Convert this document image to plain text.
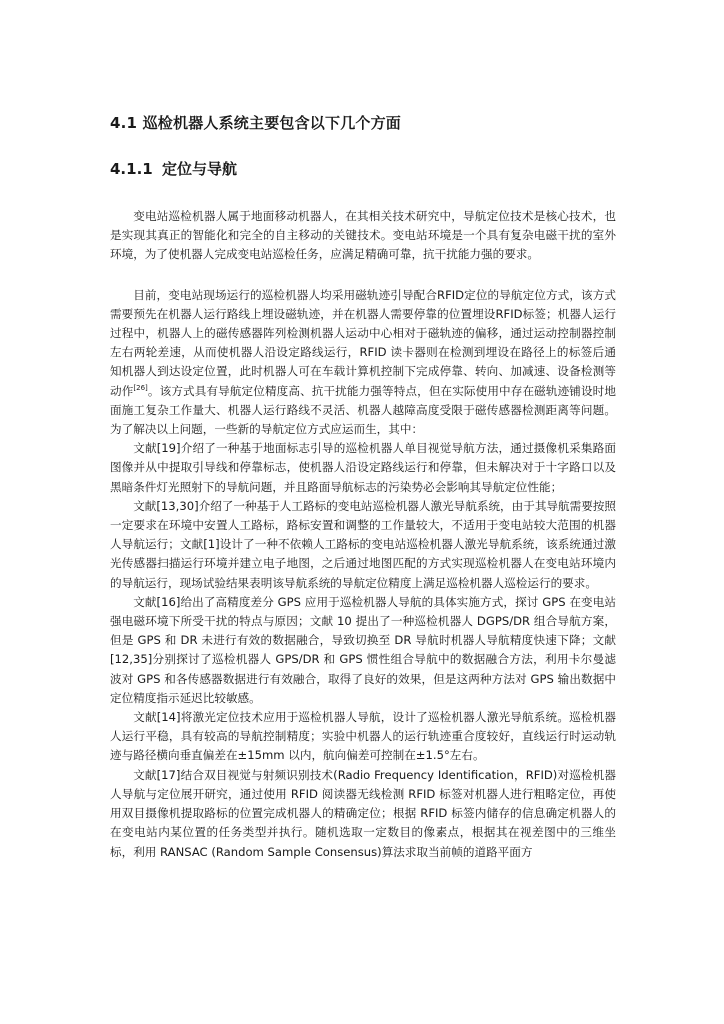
4.1 巡检机器人系统主要包含以下几个方面
4.1.1 定位与导航

变电站巡检机器人属于地面移动机器人，在其相关技术研究中，导航定位技术是核心技术，也是实现其真正的智能化和完全的自主移动的关键技术。变电站环境是一个具有复杂电磁干扰的室外环境，为了使机器人完成变电站巡检任务，应满足精确可靠，抗干扰能力强的要求。

目前，变电站现场运行的巡检机器人均采用磁轨迹引导配合RFID定位的导航定位方式，该方式需要预先在机器人运行路线上埋设磁轨迹，并在机器人需要停靠的位置埋设RFID标签；机器人运行过程中，机器人上的磁传感器阵列检测机器人运动中心相对于磁轨迹的偏移，通过运动控制器控制左右两轮差速，从而使机器人沿设定路线运行，RFID 读卡器则在检测到埋设在路径上的标签后通知机器人到达设定位置，此时机器人可在车载计算机控制下完成停靠、转向、加减速、设备检测等动作[26]。该方式具有导航定位精度高、抗干扰能力强等特点，但在实际使用中存在磁轨迹铺设时地面施工复杂工作量大、机器人运行路线不灵活、机器人越障高度受限于磁传感器检测距离等问题。为了解决以上问题，一些新的导航定位方式应运而生，其中：

文献[19]介绍了一种基于地面标志引导的巡检机器人单目视觉导航方法，通过摄像机采集路面图像并从中提取引导线和停靠标志，使机器人沿设定路线运行和停靠，但未解决对于十字路口以及黑暗条件灯光照射下的导航问题，并且路面导航标志的污染势必会影响其导航定位性能；

文献[13,30]介绍了一种基于人工路标的变电站巡检机器人激光导航系统，由于其导航需要按照一定要求在环境中安置人工路标，路标安置和调整的工作量较大，不适用于变电站较大范围的机器人导航运行；文献[1]设计了一种不依赖人工路标的变电站巡检机器人激光导航系统，该系统通过激光传感器扫描运行环境并建立电子地图，之后通过地图匹配的方式实现巡检机器人在变电站环境内的导航运行，现场试验结果表明该导航系统的导航定位精度上满足巡检机器人巡检运行的要求。

文献[16]给出了高精度差分 GPS 应用于巡检机器人导航的具体实施方式，探讨 GPS 在变电站强电磁环境下所受干扰的特点与原因；文献 10 提出了一种巡检机器人 DGPS/DR 组合导航方案，但是 GPS 和 DR 未进行有效的数据融合，导致切换至 DR 导航时机器人导航精度快速下降；文献[12,35]分别探讨了巡检机器人 GPS/DR 和 GPS 惯性组合导航中的数据融合方法，利用卡尔曼滤波对 GPS 和各传感器数据进行有效融合，取得了良好的效果，但是这两种方法对 GPS 输出数据中定位精度指示延迟比较敏感。

文献[14]将激光定位技术应用于巡检机器人导航，设计了巡检机器人激光导航系统。巡检机器人运行平稳，具有较高的导航控制精度；实验中机器人的运行轨迹重合度较好，直线运行时运动轨迹与路径横向垂直偏差在±15mm 以内，航向偏差可控制在±1.5°左右。

文献[17]结合双目视觉与射频识别技术(Radio Frequency Identification，RFID)对巡检机器人导航与定位展开研究，通过使用 RFID 阅读器无线检测 RFID 标签对机器人进行粗略定位，再使用双目摄像机提取路标的位置完成机器人的精确定位；根据 RFID 标签内储存的信息确定机器人的在变电站内某位置的任务类型并执行。随机选取一定数目的像素点，根据其在视差图中的三维坐标，利用 RANSAC (Random Sample Consensus)算法求取当前帧的道路平面方
